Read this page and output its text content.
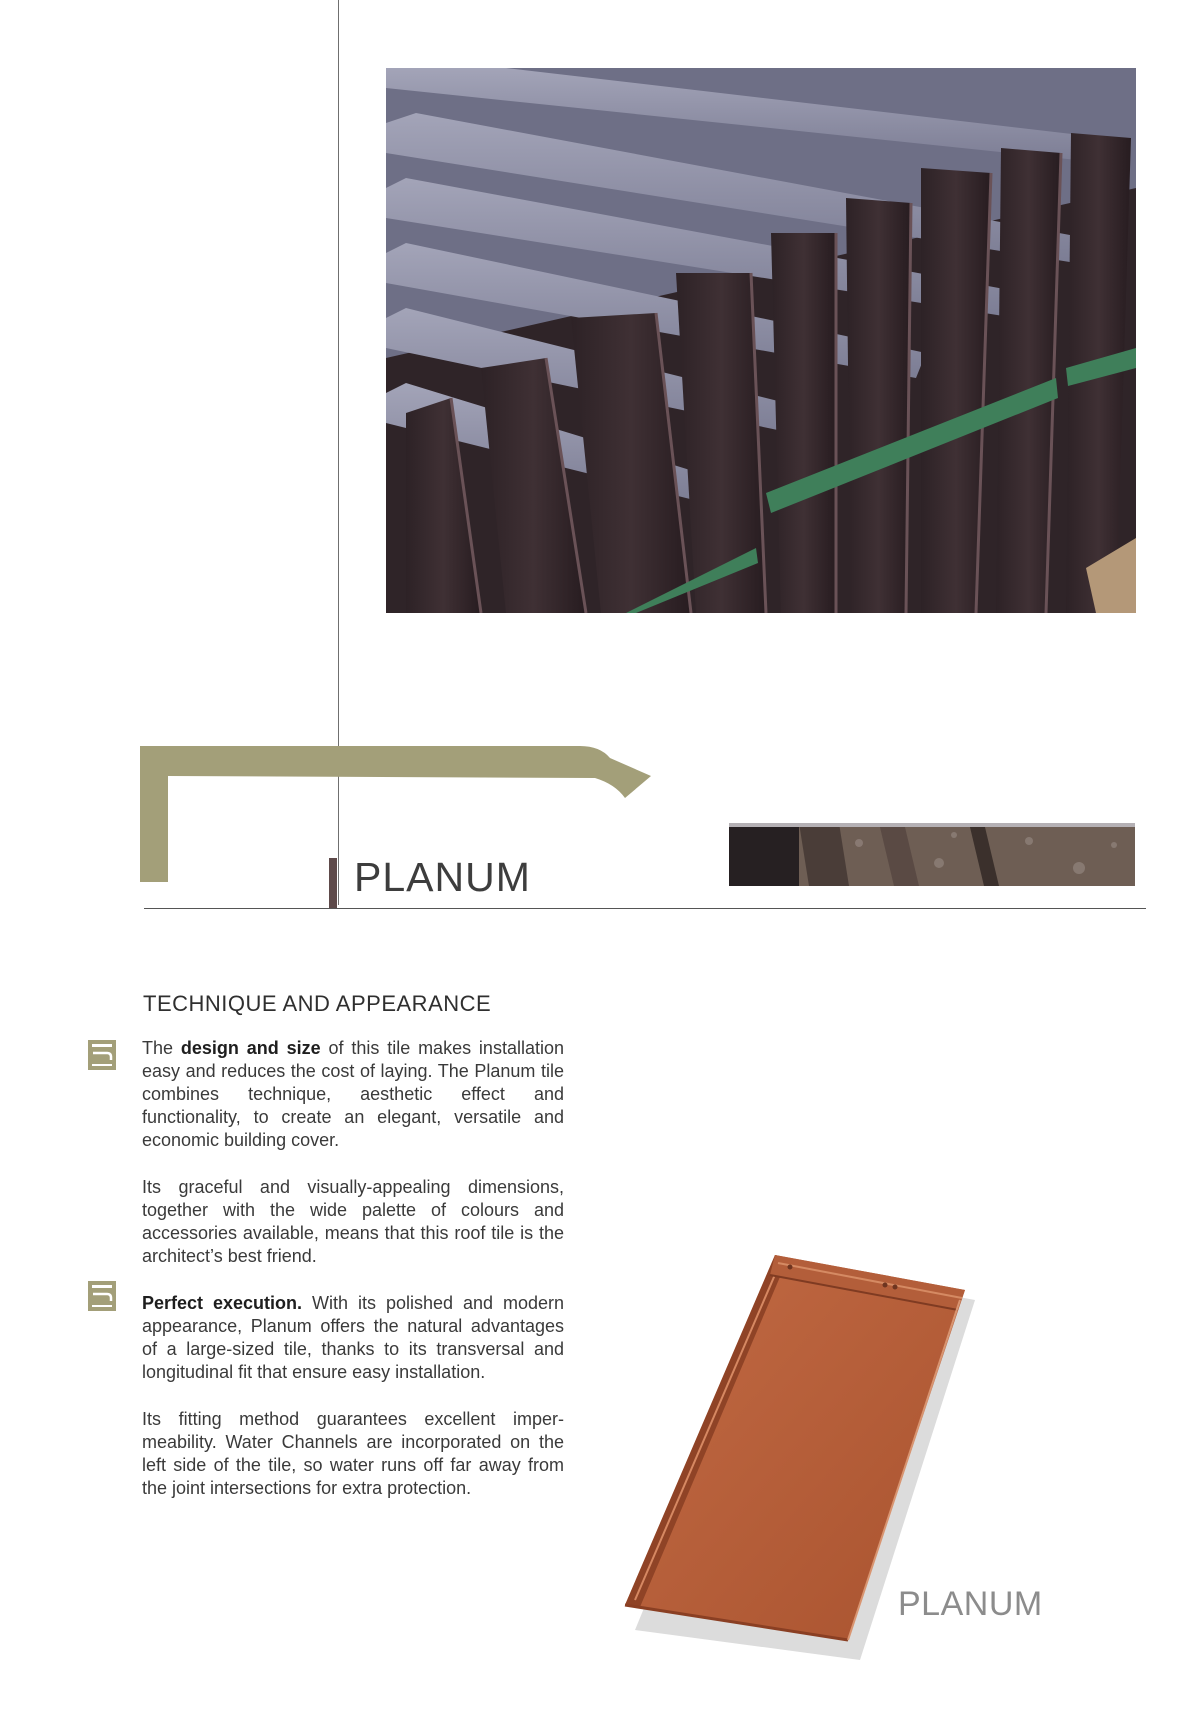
PLANUM
TECHNIQUE AND APPEARANCE

The design and size of this tile makes installation easy and reduces the cost of laying. The Planum tile combines technique, aesthetic effect and functionality, to create an elegant, versatile and economic building cover.

Its graceful and visually-appealing dimensions, together with the wide palette of colours and accessories available, means that this roof tile is the architect’s best friend.

Perfect execution. With its polished and modern appearance, Planum offers the natural advantages of a large-sized tile, thanks to its transversal and longitudinal fit that ensure easy installation.

Its fitting method guarantees excellent imper-meability. Water Channels are incorporated on the left side of the tile, so water runs off far away from the joint intersections for extra protection.

PLANUM
